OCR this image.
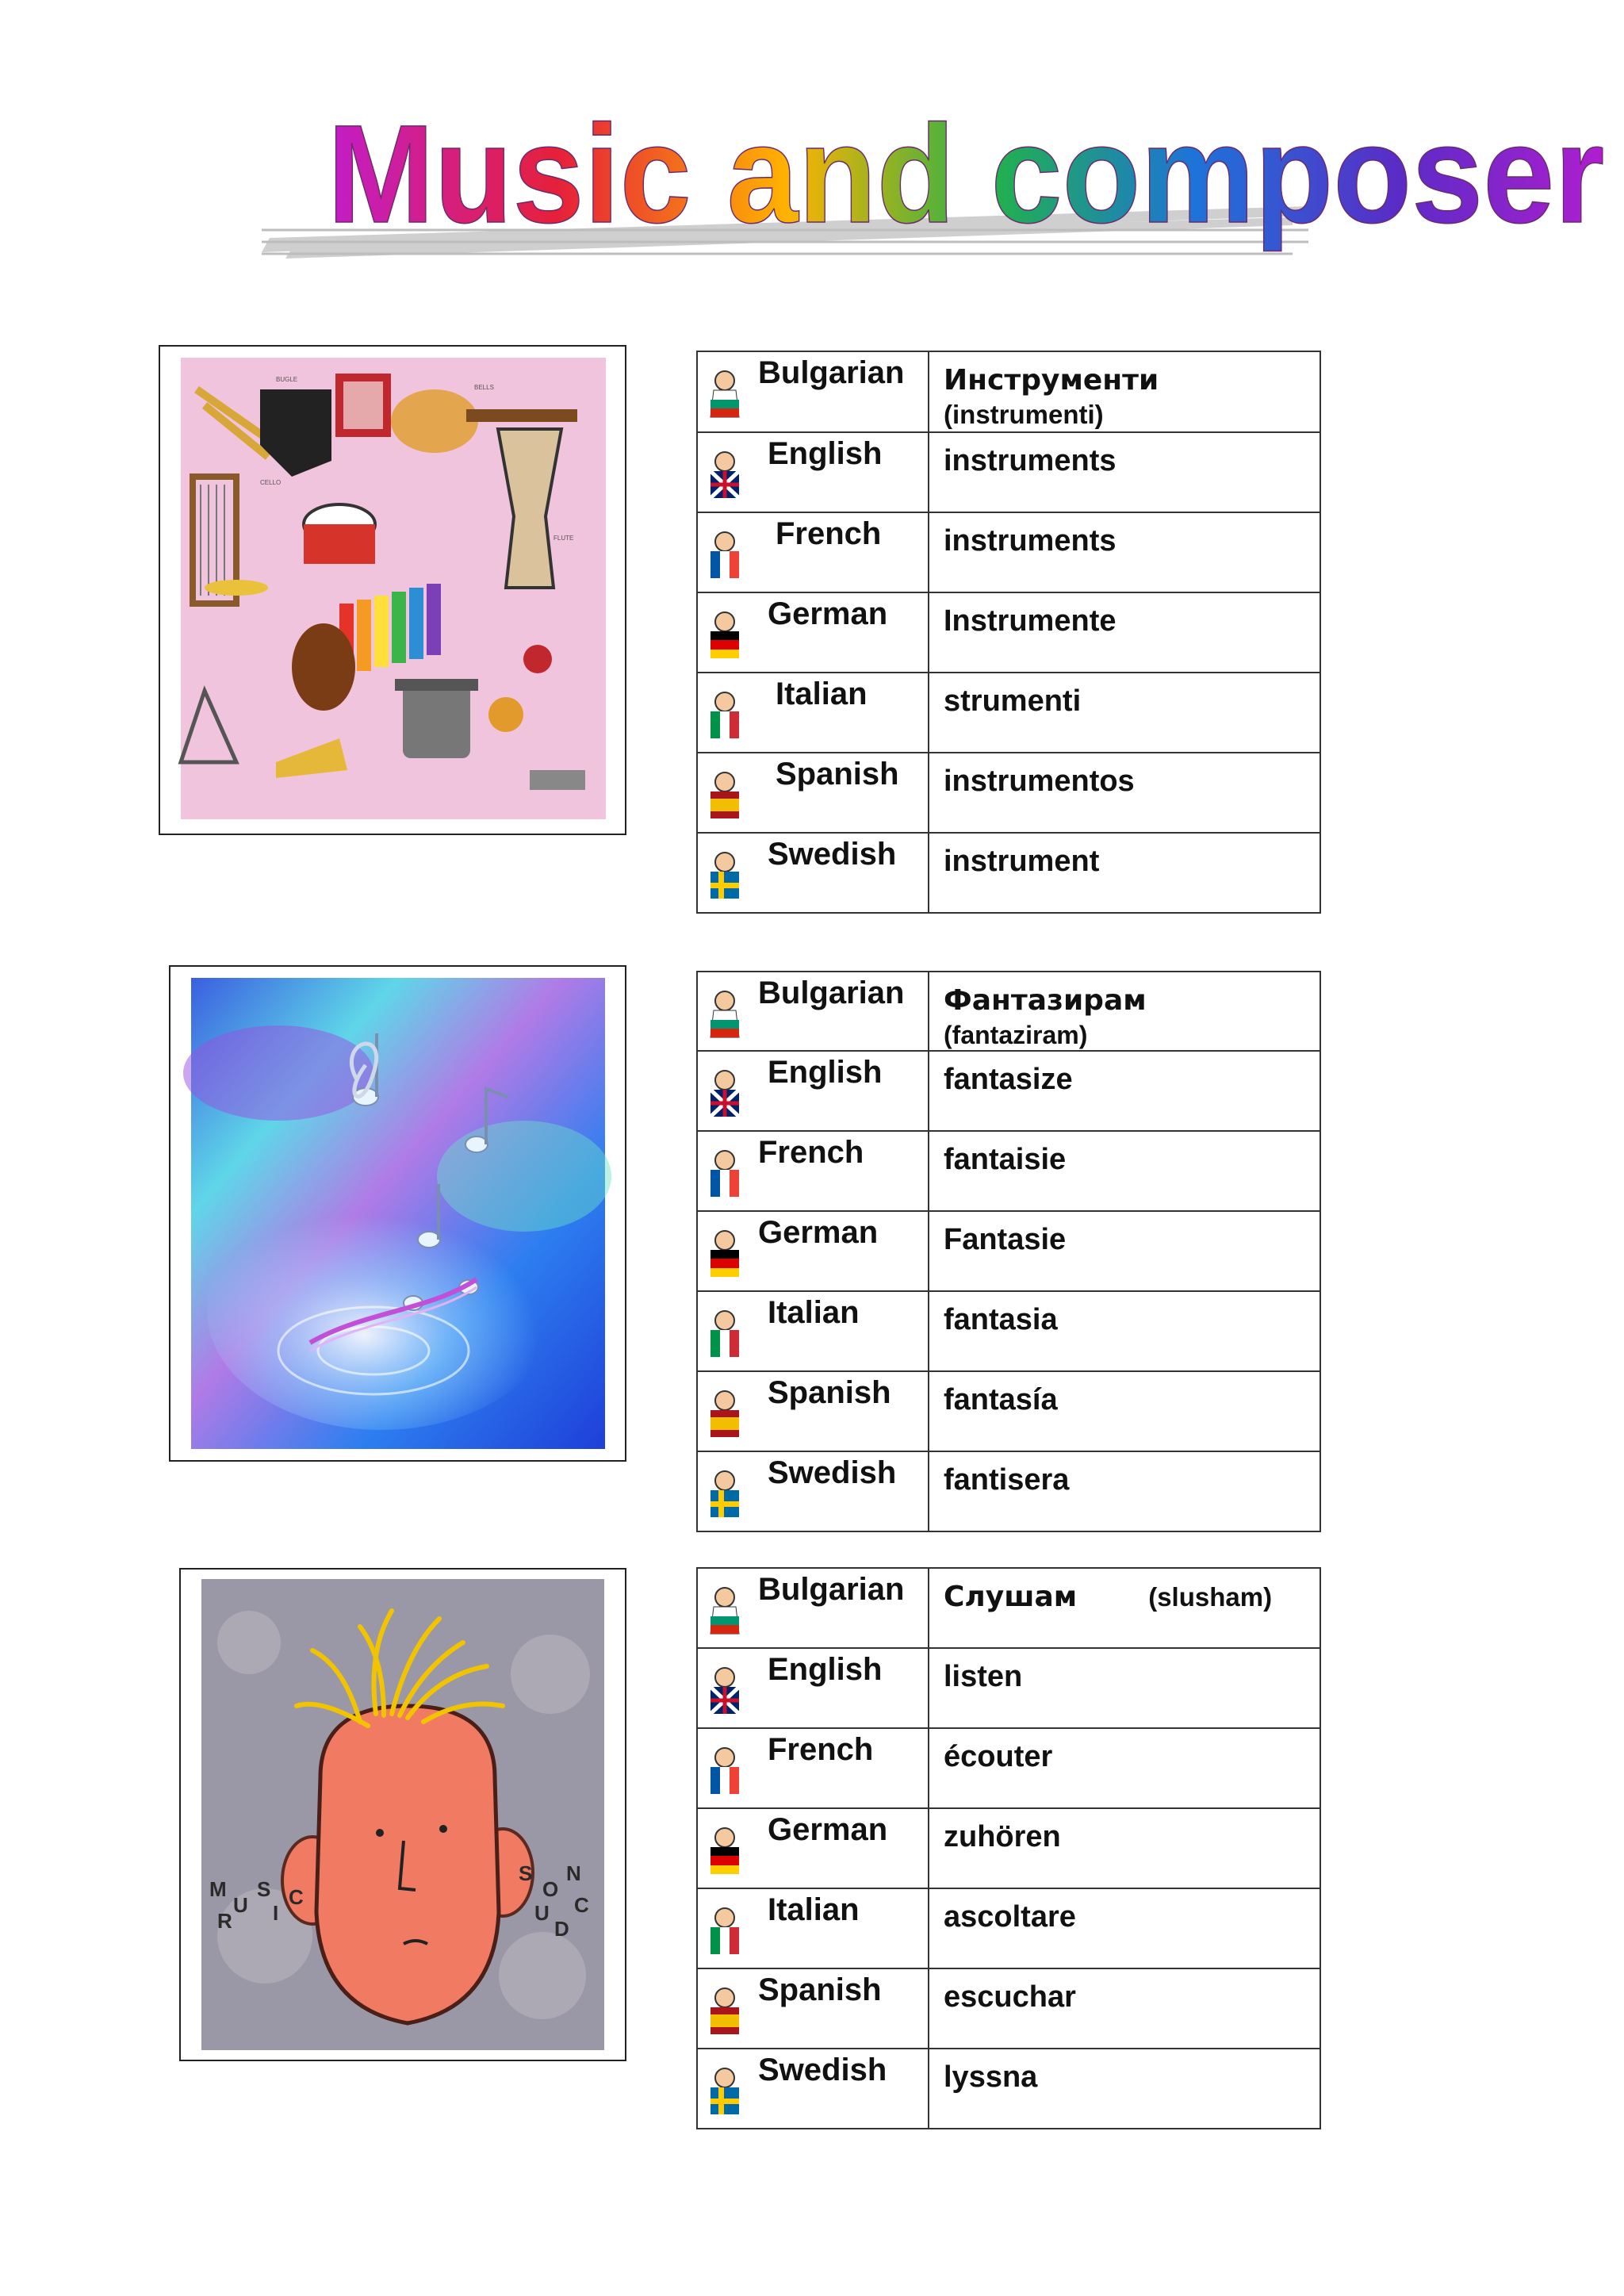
Music and composer
BUGLE
BELLS
CELLO
FLUTE
Bulgarian	Инструменти  (instrumenti)

English	instruments

French	instruments

German	Instrumente

Italian	strumenti

Spanish	instrumentos

Swedish	instrument
Bulgarian	Фантазирам
(fantaziram)

English	fantasize

French	fantaisie

German	Fantasie

Italian	fantasia

Spanish	fantasía

Swedish	fantisera
M
U
S
I
R
C
S
O
N
U C
D
Bulgarian	Слушам (slusham)

English	listen

French	écouter

German	zuhören

Italian	ascoltare

Spanish	escuchar

Swedish	lyssna
